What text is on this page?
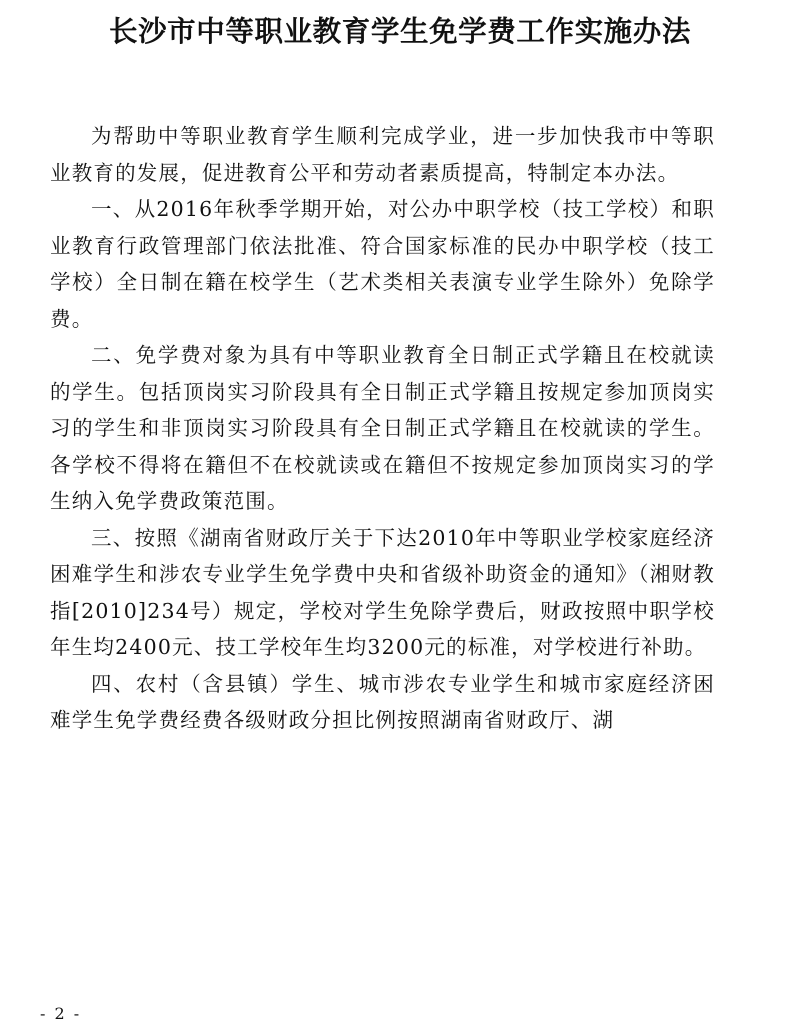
长沙市中等职业教育学生免学费工作实施办法

为帮助中等职业教育学生顺利完成学业，进一步加快我市中等职业教育的发展，促进教育公平和劳动者素质提高，特制定本办法。

一、从2016年秋季学期开始，对公办中职学校（技工学校）和职业教育行政管理部门依法批准、符合国家标准的民办中职学校（技工学校）全日制在籍在校学生（艺术类相关表演专业学生除外）免除学费。

二、免学费对象为具有中等职业教育全日制正式学籍且在校就读的学生。包括顶岗实习阶段具有全日制正式学籍且按规定参加顶岗实习的学生和非顶岗实习阶段具有全日制正式学籍且在校就读的学生。各学校不得将在籍但不在校就读或在籍但不按规定参加顶岗实习的学生纳入免学费政策范围。

三、按照《湖南省财政厅关于下达2010年中等职业学校家庭经济困难学生和涉农专业学生免学费中央和省级补助资金的通知》（湘财教指[2010]234号）规定，学校对学生免除学费后，财政按照中职学校年生均2400元、技工学校年生均3200元的标准，对学校进行补助。

四、农村（含县镇）学生、城市涉农专业学生和城市家庭经济困难学生免学费经费各级财政分担比例按照湖南省财政厅、湖

- 2 -
